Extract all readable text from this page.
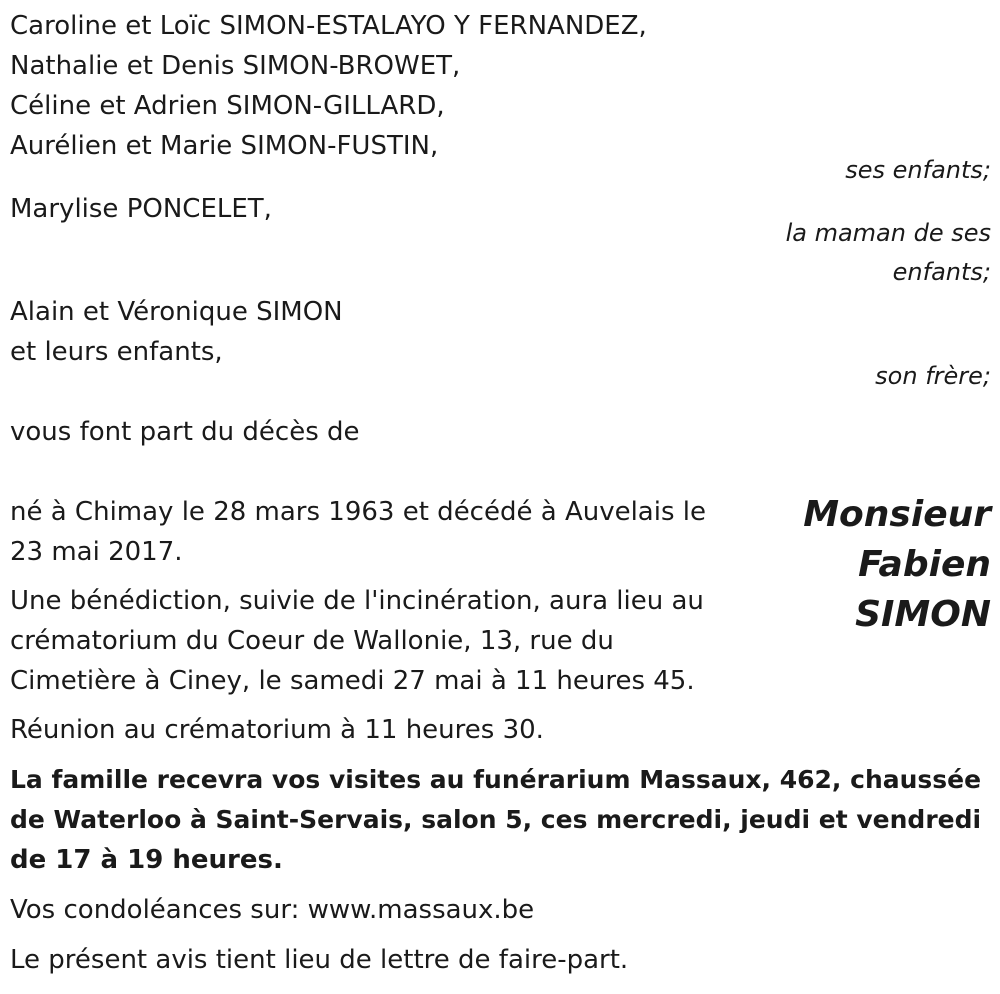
Caroline et Loïc SIMON-ESTALAYO Y FERNANDEZ,

Nathalie et Denis SIMON-BROWET,

Céline et Adrien SIMON-GILLARD,

Aurélien et Marie SIMON-FUSTIN,

ses enfants;

Marylise PONCELET,

la maman de ses

enfants;

Alain et Véronique SIMON

et leurs enfants,

son frère;

vous font part du décès de

Monsieur
Fabien
SIMON

né à Chimay le 28 mars 1963 et décédé à Auvelais le

23 mai 2017.

Une bénédiction, suivie de l'incinération, aura lieu au

crématorium du Coeur de Wallonie, 13, rue du

Cimetière à Ciney, le samedi 27 mai à 11 heures 45.

Réunion au crématorium à 11 heures 30.

La famille recevra vos visites au funérarium Massaux, 462, chaussée

de Waterloo à Saint-Servais, salon 5, ces mercredi, jeudi et vendredi

de 17 à 19 heures.

Vos condoléances sur: www.massaux.be

Le présent avis tient lieu de lettre de faire-part.
